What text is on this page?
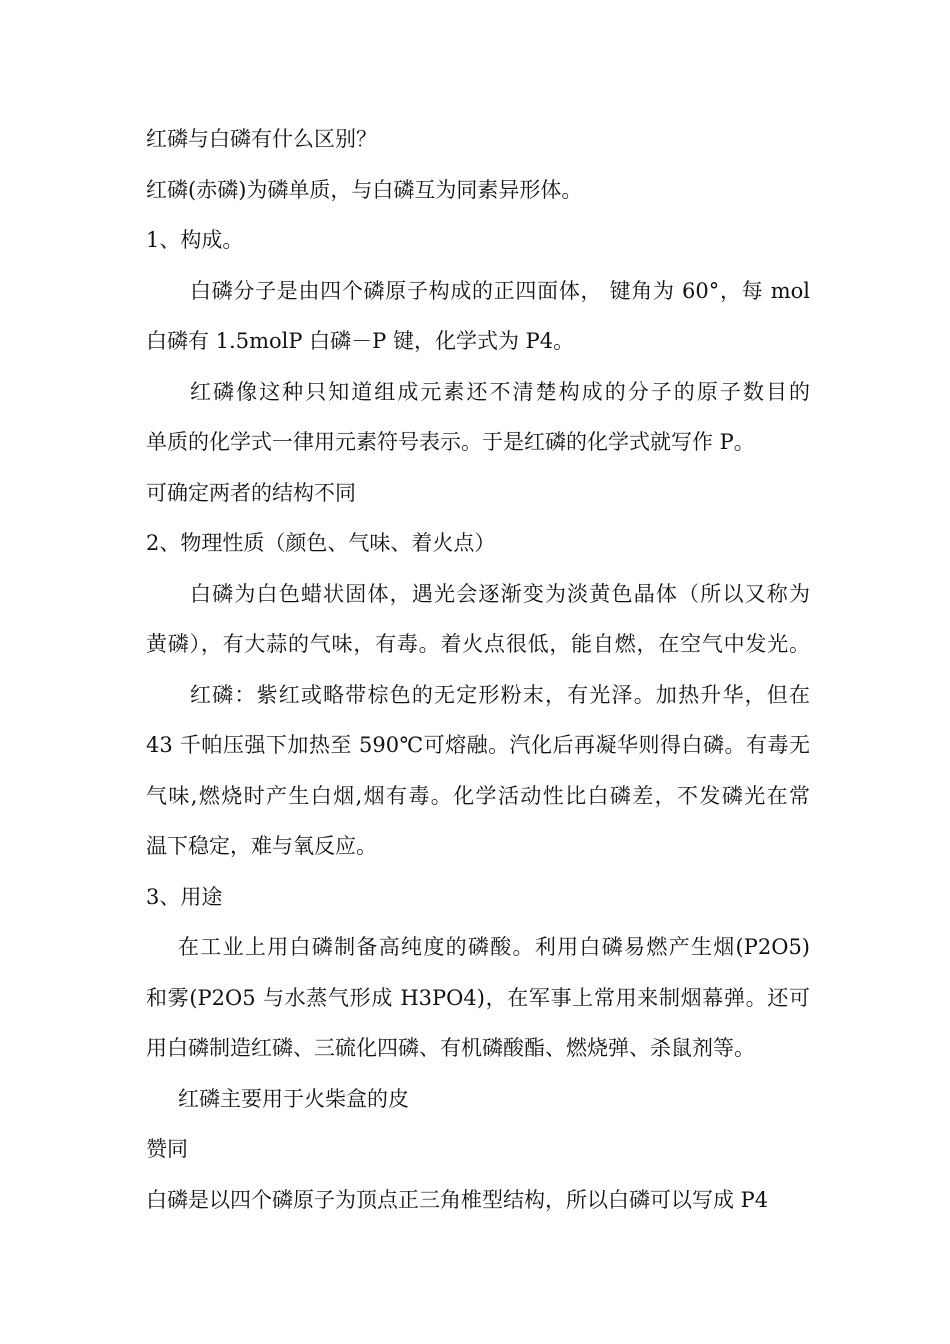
红磷与白磷有什么区别？
红磷(赤磷)为磷单质，与白磷互为同素异形体。
1、构成。
白磷分子是由四个磷原子构成的正四面体， 键角为 60°，每 mol
白磷有 1.5molP 白磷－P 键，化学式为 P4。
红磷像这种只知道组成元素还不清楚构成的分子的原子数目的
单质的化学式一律用元素符号表示。于是红磷的化学式就写作 P。
可确定两者的结构不同
2、物理性质（颜色、气味、着火点）
白磷为白色蜡状固体，遇光会逐渐变为淡黄色晶体（所以又称为
黄磷），有大蒜的气味，有毒。着火点很低，能自燃，在空气中发光。
红磷：紫红或略带棕色的无定形粉末，有光泽。加热升华，但在
43 千帕压强下加热至 590℃可熔融。汽化后再凝华则得白磷。有毒无
气味,燃烧时产生白烟,烟有毒。化学活动性比白磷差，不发磷光在常
温下稳定，难与氧反应。
3、用途
在工业上用白磷制备高纯度的磷酸。利用白磷易燃产生烟(P2O5)
和雾(P2O5 与水蒸气形成 H3PO4)，在军事上常用来制烟幕弹。还可
用白磷制造红磷、三硫化四磷、有机磷酸酯、燃烧弹、杀鼠剂等。
红磷主要用于火柴盒的皮
赞同
白磷是以四个磷原子为顶点正三角椎型结构，所以白磷可以写成 P4
